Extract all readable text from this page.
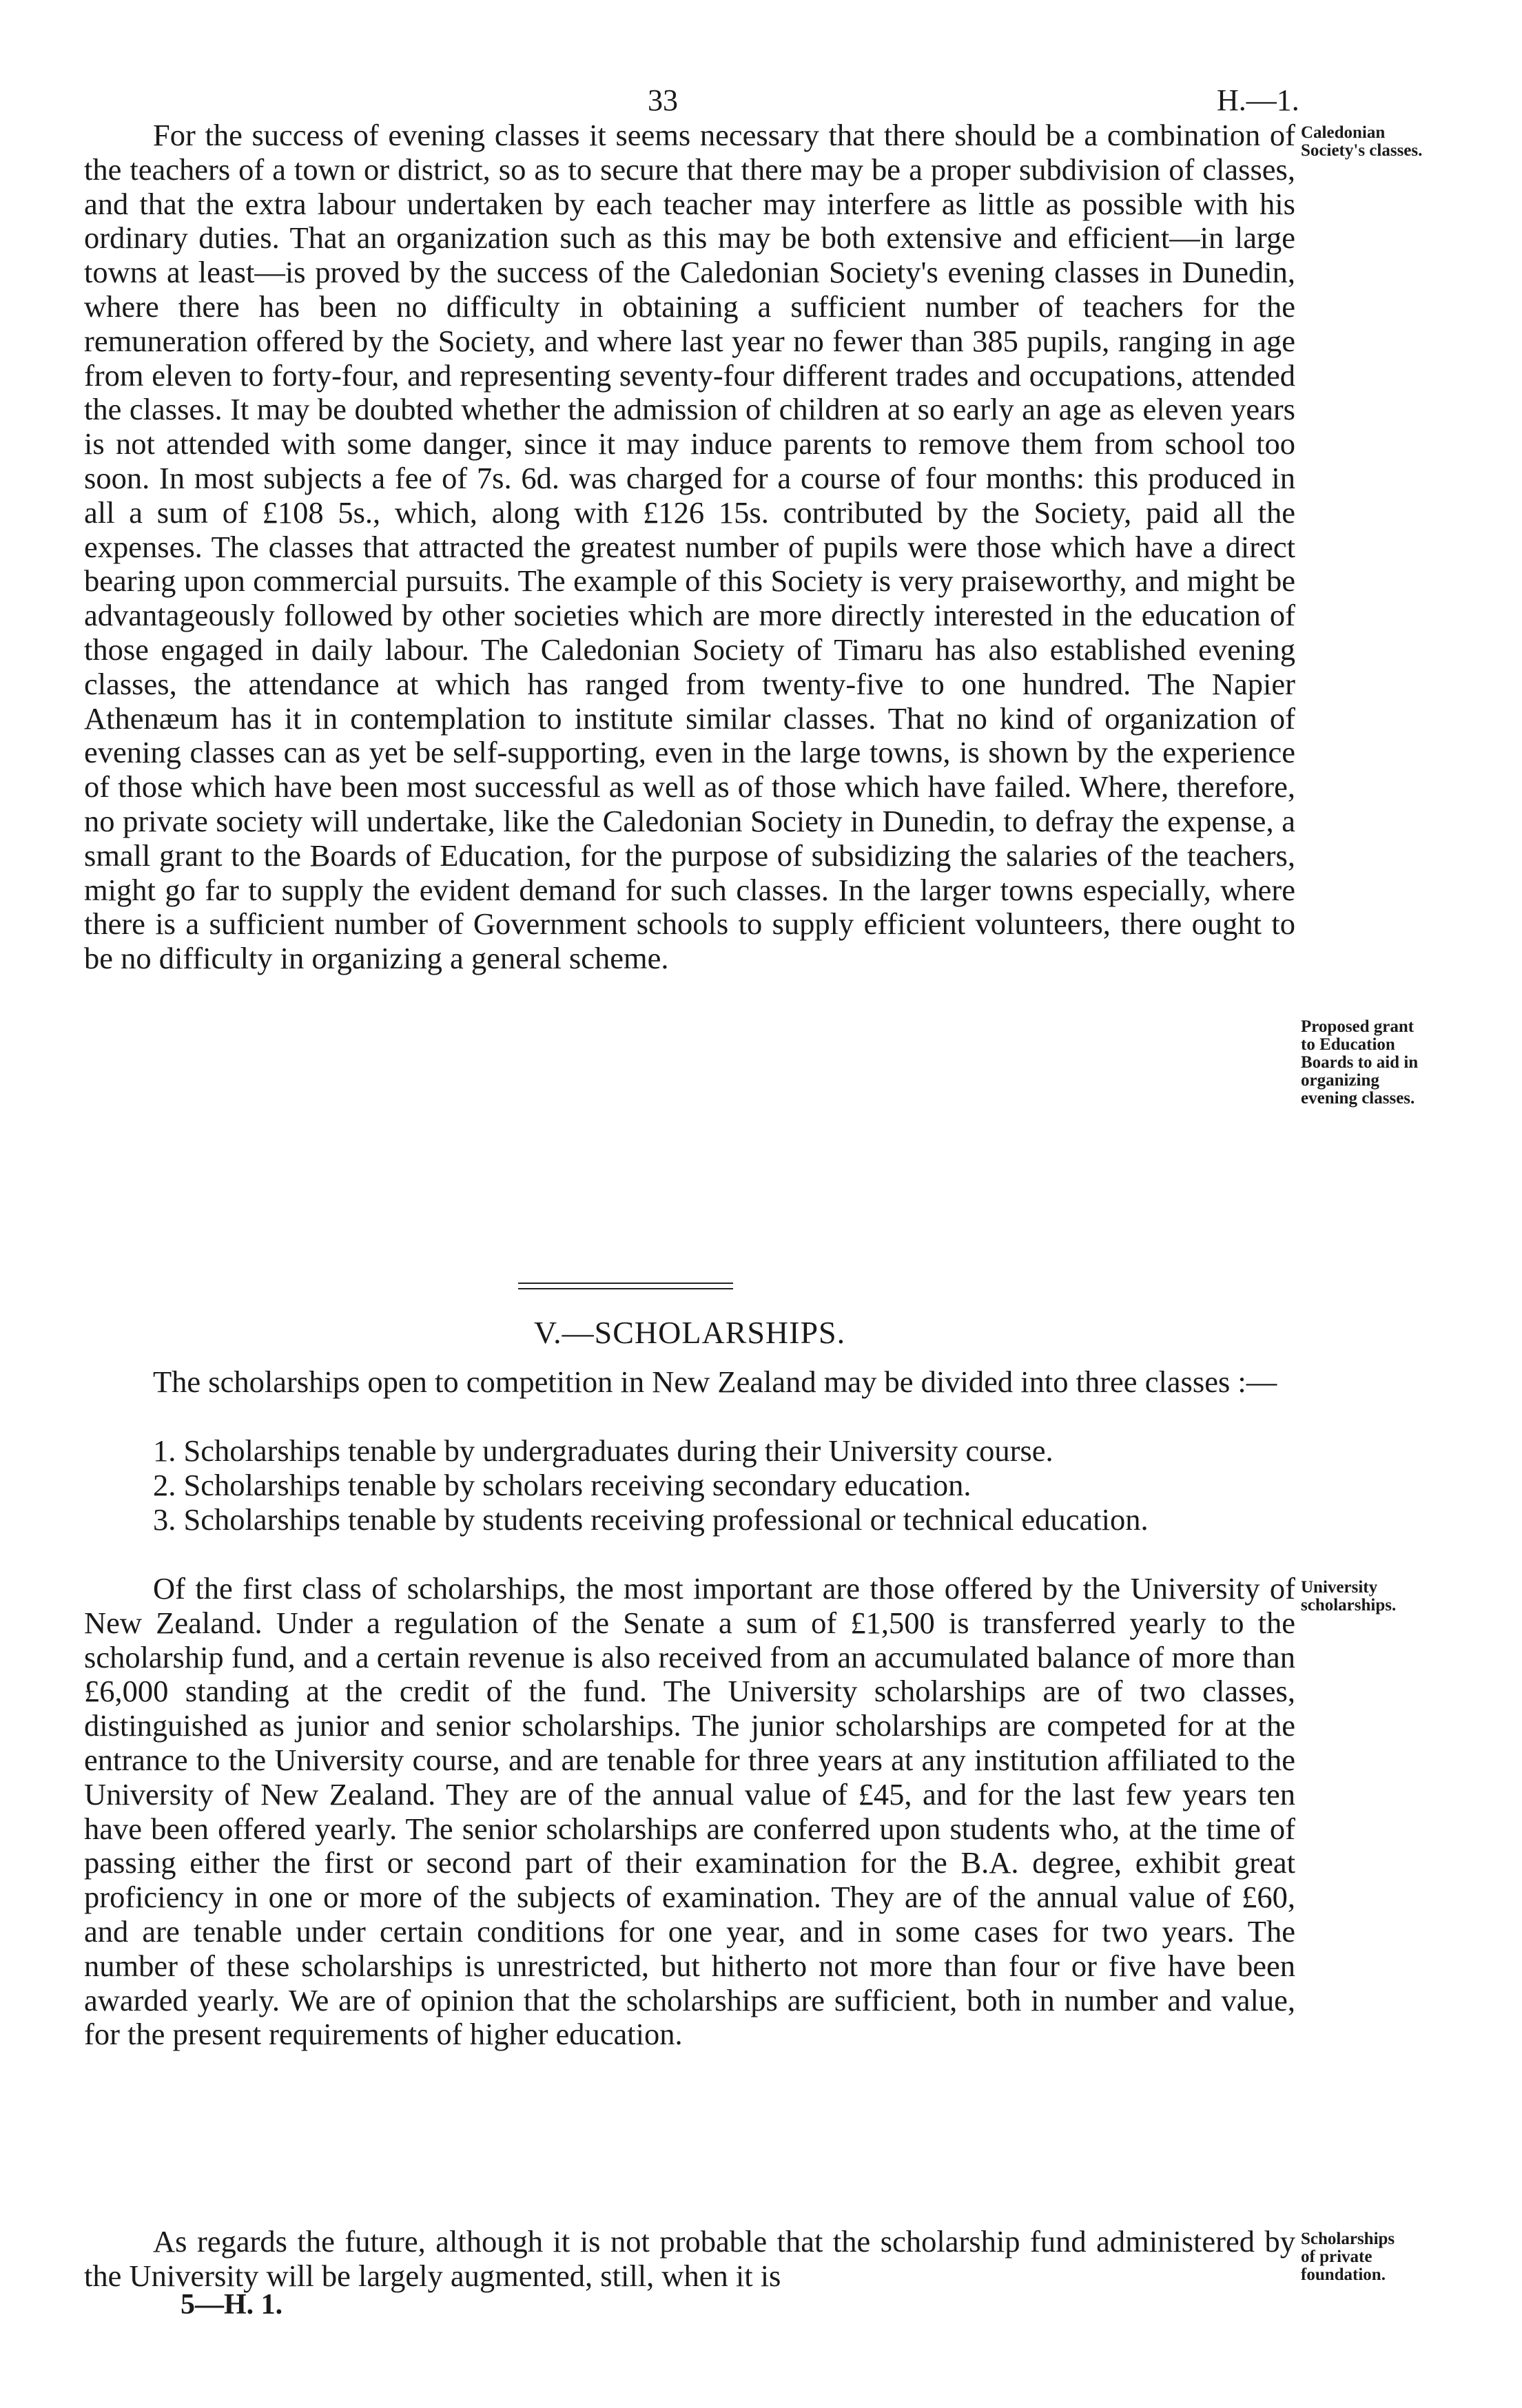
33	H.—1.

For the success of evening classes it seems necessary that there should be a combination of the teachers of a town or district, so as to secure that there may be a proper subdivision of classes, and that the extra labour undertaken by each teacher may interfere as little as possible with his ordinary duties. That an organization such as this may be both extensive and efficient—in large towns at least—is proved by the success of the Caledonian Society's evening classes in Dunedin, where there has been no difficulty in obtaining a sufficient number of teachers for the remuneration offered by the Society, and where last year no fewer than 385 pupils, ranging in age from eleven to forty-four, and representing seventy-four different trades and occupations, attended the classes. It may be doubted whether the admission of children at so early an age as eleven years is not attended with some danger, since it may induce parents to remove them from school too soon. In most subjects a fee of 7s. 6d. was charged for a course of four months: this produced in all a sum of £108 5s., which, along with £126 15s. contributed by the Society, paid all the expenses. The classes that attracted the greatest number of pupils were those which have a direct bearing upon commercial pursuits. The example of this Society is very praiseworthy, and might be advantageously followed by other societies which are more directly interested in the education of those engaged in daily labour. The Caledonian Society of Timaru has also established evening classes, the attendance at which has ranged from twenty-five to one hundred. The Napier Athenæum has it in contemplation to institute similar classes. That no kind of organization of evening classes can as yet be self-supporting, even in the large towns, is shown by the experience of those which have been most successful as well as of those which have failed. Where, therefore, no private society will undertake, like the Caledonian Society in Dunedin, to defray the expense, a small grant to the Boards of Education, for the purpose of subsidizing the salaries of the teachers, might go far to supply the evident demand for such classes. In the larger towns especially, where there is a sufficient number of Government schools to supply efficient volunteers, there ought to be no difficulty in organizing a general scheme.

Caledonian
Society's classes.
Proposed grant
to Education
Boards to aid in
organizing
evening classes.
V.—SCHOLARSHIPS.

The scholarships open to competition in New Zealand may be divided into three classes :—

1. Scholarships tenable by undergraduates during their University course.

2. Scholarships tenable by scholars receiving secondary education.

3. Scholarships tenable by students receiving professional or technical education.

Of the first class of scholarships, the most important are those offered by the University of New Zealand. Under a regulation of the Senate a sum of £1,500 is transferred yearly to the scholarship fund, and a certain revenue is also received from an accumulated balance of more than £6,000 standing at the credit of the fund. The University scholarships are of two classes, distinguished as junior and senior scholarships. The junior scholarships are competed for at the entrance to the University course, and are tenable for three years at any institution affiliated to the University of New Zealand. They are of the annual value of £45, and for the last few years ten have been offered yearly. The senior scholarships are conferred upon students who, at the time of passing either the first or second part of their examination for the B.A. degree, exhibit great proficiency in one or more of the subjects of examination. They are of the annual value of £60, and are tenable under certain conditions for one year, and in some cases for two years. The number of these scholarships is unrestricted, but hitherto not more than four or five have been awarded yearly. We are of opinion that the scholarships are sufficient, both in number and value, for the present requirements of higher education.

University
scholarships.

As regards the future, although it is not probable that the scholarship fund administered by the University will be largely augmented, still, when it is

Scholarships
of private
foundation.
5—H. 1.
